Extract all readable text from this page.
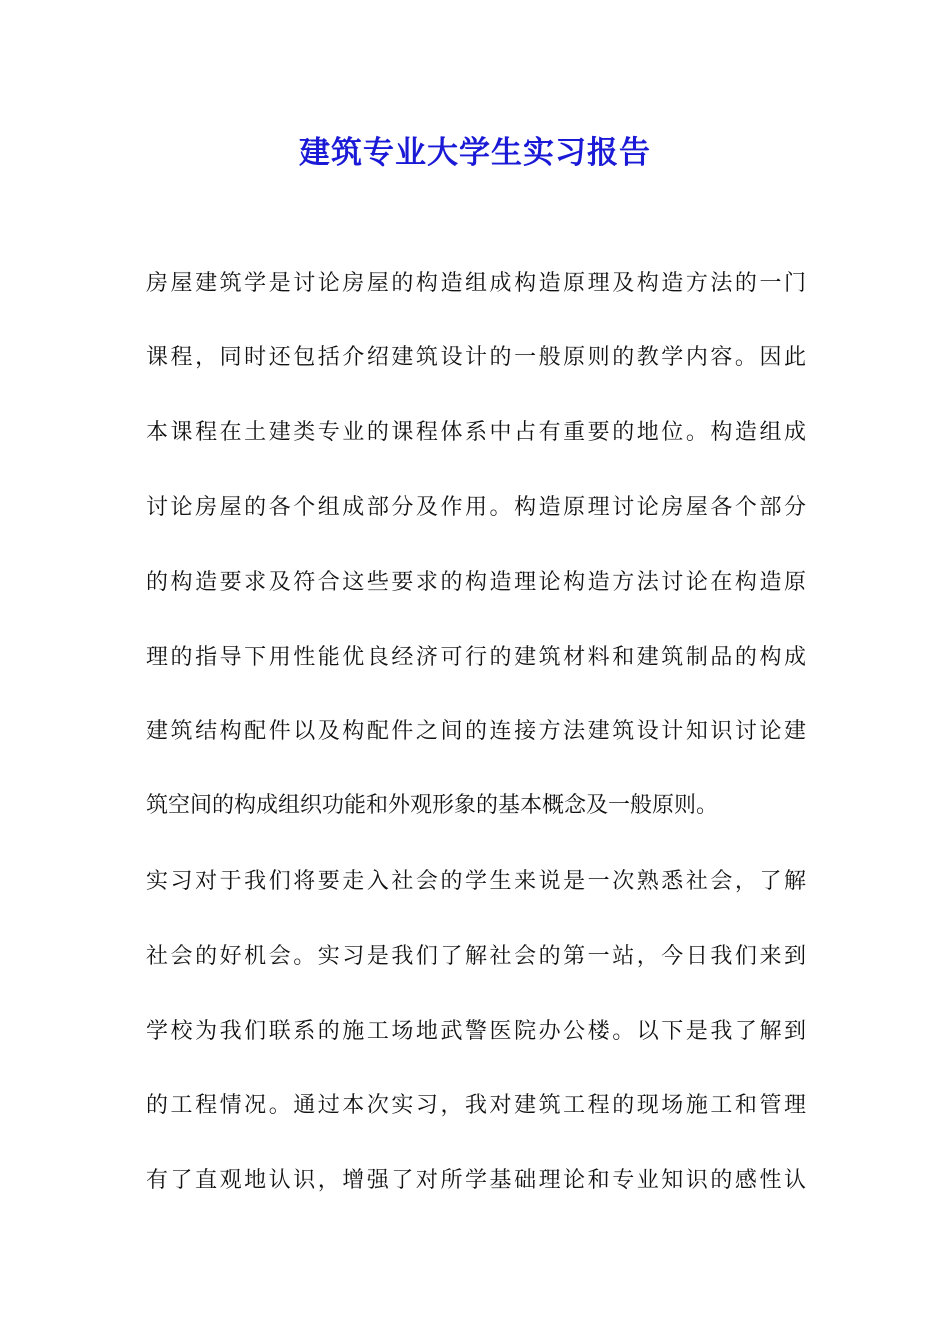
建筑专业大学生实习报告
房屋建筑学是讨论房屋的构造组成构造原理及构造方法的一门
课程，同时还包括介绍建筑设计的一般原则的教学内容。因此
本课程在土建类专业的课程体系中占有重要的地位。构造组成
讨论房屋的各个组成部分及作用。构造原理讨论房屋各个部分
的构造要求及符合这些要求的构造理论构造方法讨论在构造原
理的指导下用性能优良经济可行的建筑材料和建筑制品的构成
建筑结构配件以及构配件之间的连接方法建筑设计知识讨论建
筑空间的构成组织功能和外观形象的基本概念及一般原则。
实习对于我们将要走入社会的学生来说是一次熟悉社会，了解
社会的好机会。实习是我们了解社会的第一站，今日我们来到
学校为我们联系的施工场地武警医院办公楼。以下是我了解到
的工程情况。通过本次实习，我对建筑工程的现场施工和管理
有了直观地认识，增强了对所学基础理论和专业知识的感性认
